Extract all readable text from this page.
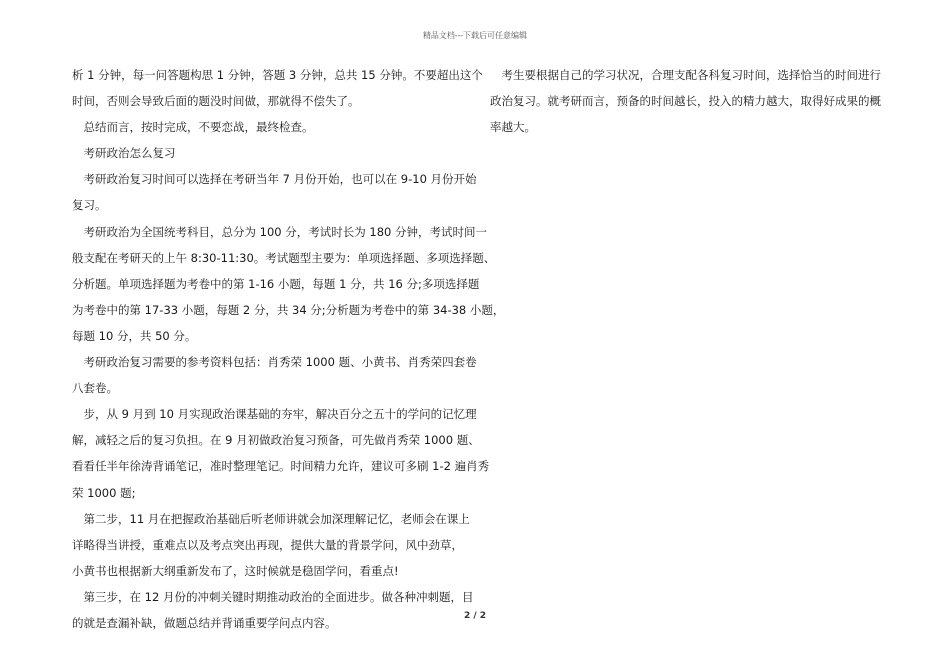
精品文档---下载后可任意编辑
析 1 分钟，每一问答题构思 1 分钟，答题 3 分钟，总共 15 分钟。不要超出这个
时间，否则会导致后面的题没时间做，那就得不偿失了。
　总结而言，按时完成，不要恋战，最终检查。
　考研政治怎么复习
　考研政治复习时间可以选择在考研当年 7 月份开始，也可以在 9-10 月份开始
复习。
　考研政治为全国统考科目，总分为 100 分，考试时长为 180 分钟，考试时间一
般支配在考研天的上午 8:30-11:30。考试题型主要为：单项选择题、多项选择题、
分析题。单项选择题为考卷中的第 1-16 小题，每题 1 分，共 16 分;多项选择题
为考卷中的第 17-33 小题，每题 2 分，共 34 分;分析题为考卷中的第 34-38 小题，
每题 10 分，共 50 分。
　考研政治复习需要的参考资料包括：肖秀荣 1000 题、小黄书、肖秀荣四套卷
八套卷。
　步，从 9 月到 10 月实现政治课基础的夯牢，解决百分之五十的学问的记忆理
解，减轻之后的复习负担。在 9 月初做政治复习预备，可先做肖秀荣 1000 题、
看看任半年徐涛背诵笔记，准时整理笔记。时间精力允许，建议可多刷 1-2 遍肖秀
荣 1000 题;
　第二步，11 月在把握政治基础后听老师讲就会加深理解记忆，老师会在课上
详略得当讲授，重难点以及考点突出再现，提供大量的背景学问，风中劲草，
小黄书也根据新大纲重新发布了，这时候就是稳固学问，看重点!
　第三步，在 12 月份的冲刺关键时期推动政治的全面进步。做各种冲刺题，目
的就是查漏补缺，做题总结并背诵重要学问点内容。
　考生要根据自己的学习状况，合理支配各科复习时间，选择恰当的时间进行
政治复习。就考研而言，预备的时间越长，投入的精力越大，取得好成果的概
率越大。
2 / 2
